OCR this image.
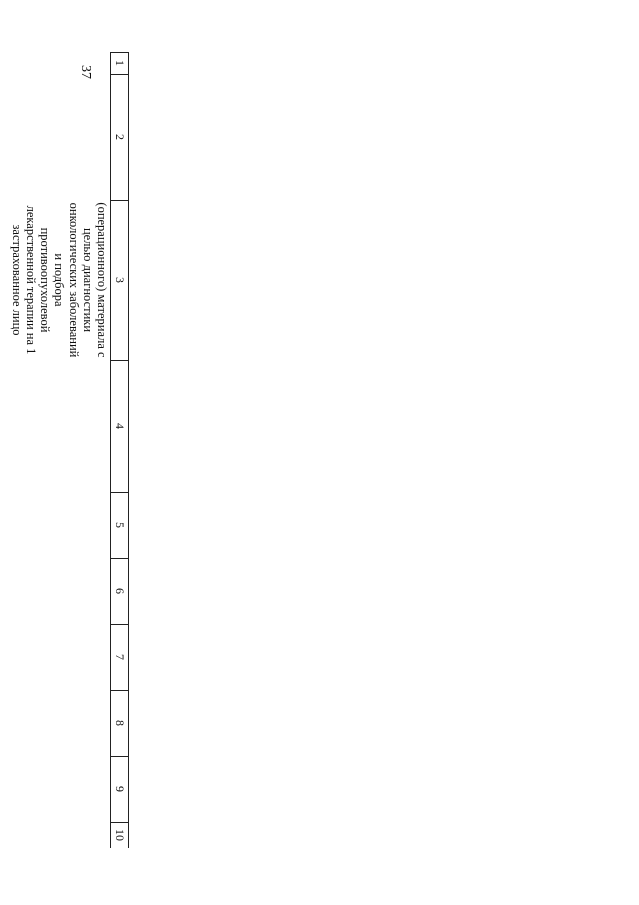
37
1
2
3
4
5
6
7
8
9
10
(операционного) материала с целью диагностики онкологических заболеваний и подбора противоопухолевой лекарственной терапии на 1 застрахованное лицо
